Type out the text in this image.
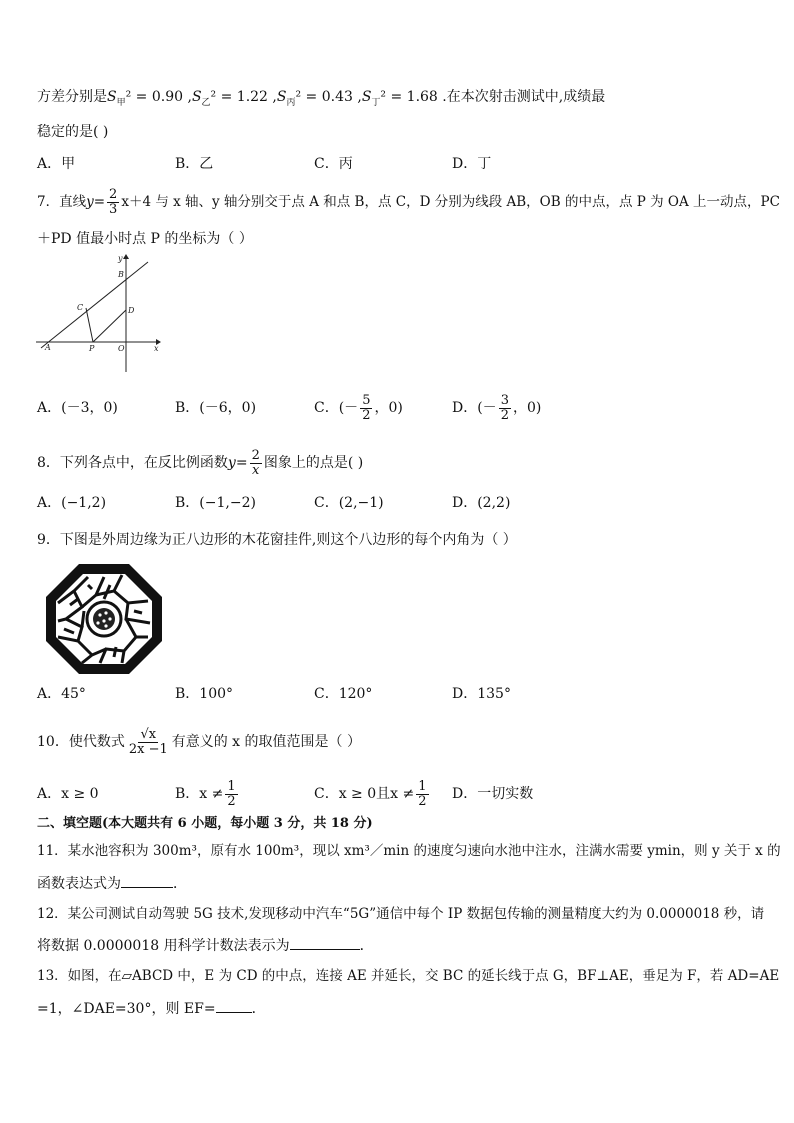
方差分别是$S_甲^2 = 0.90$ $,S_乙^2 = 1.22$ $,S_丙^2 = 0.43$ $,S_丁^2 = 1.68$ .在本次射击测试中,成绩最
稳定的是( )
A．甲	B．乙	C．丙	D．丁
7．直线$y= \frac{2}{3} x+4$ 与 x 轴、y 轴分别交于点 A 和点 B，点 C，D 分别为线段 AB，OB 的中点，点 P 为 OA 上一动点，PC
＋PD 值最小时点 P 的坐标为（ ）
y
B
C	D
A	P	O	x
A．(－3，0)	B．(－6，0)	C．(－ $\frac{5}{2}$ ，0)	D．(－ $\frac{3}{2}$ ，0)
8．下列各点中，在反比例函数$y= \frac{2}{x}$ 图象上的点是( )
A．(−1,2)	B．(−1,−2)	C．(2,−1)	D．(2,2)
9．下图是外周边缘为正八边形的木花窗挂件,则这个八边形的每个内角为（ ）
A．45°	B．100°	C．120°	D．135°
10．使代数式 $\frac{√x}{2x -1}$ 有意义的 x 的取值范围是（ ）
A．x ≥ 0	B．$x \ne \frac{1}{2}$	C．x ≥ 0且$x \ne \frac{1}{2}$ D．一切实数
二、填空题(本大题共有 6 小题，每小题 3 分，共 18 分)
11．某水池容积为 300m³，原有水 100m³，现以 xm³／min 的速度匀速向水池中注水，注满水需要 ymin，则 y 关于 x 的
函数表达式为	．
12．某公司测试自动驾驶 5G 技术,发现移动中汽车“5G”通信中每个 IP 数据包传输的测量精度大约为 0.0000018 秒，请
将数据 0.0000018 用科学计数法表示为	．
13．如图，在▱ABCD 中，E 为 CD 的中点，连接 AE 并延长，交 BC 的延长线于点 G，BF⊥AE，垂足为 F，若 AD=AE
=1，∠DAE=30°，则 EF=	．
